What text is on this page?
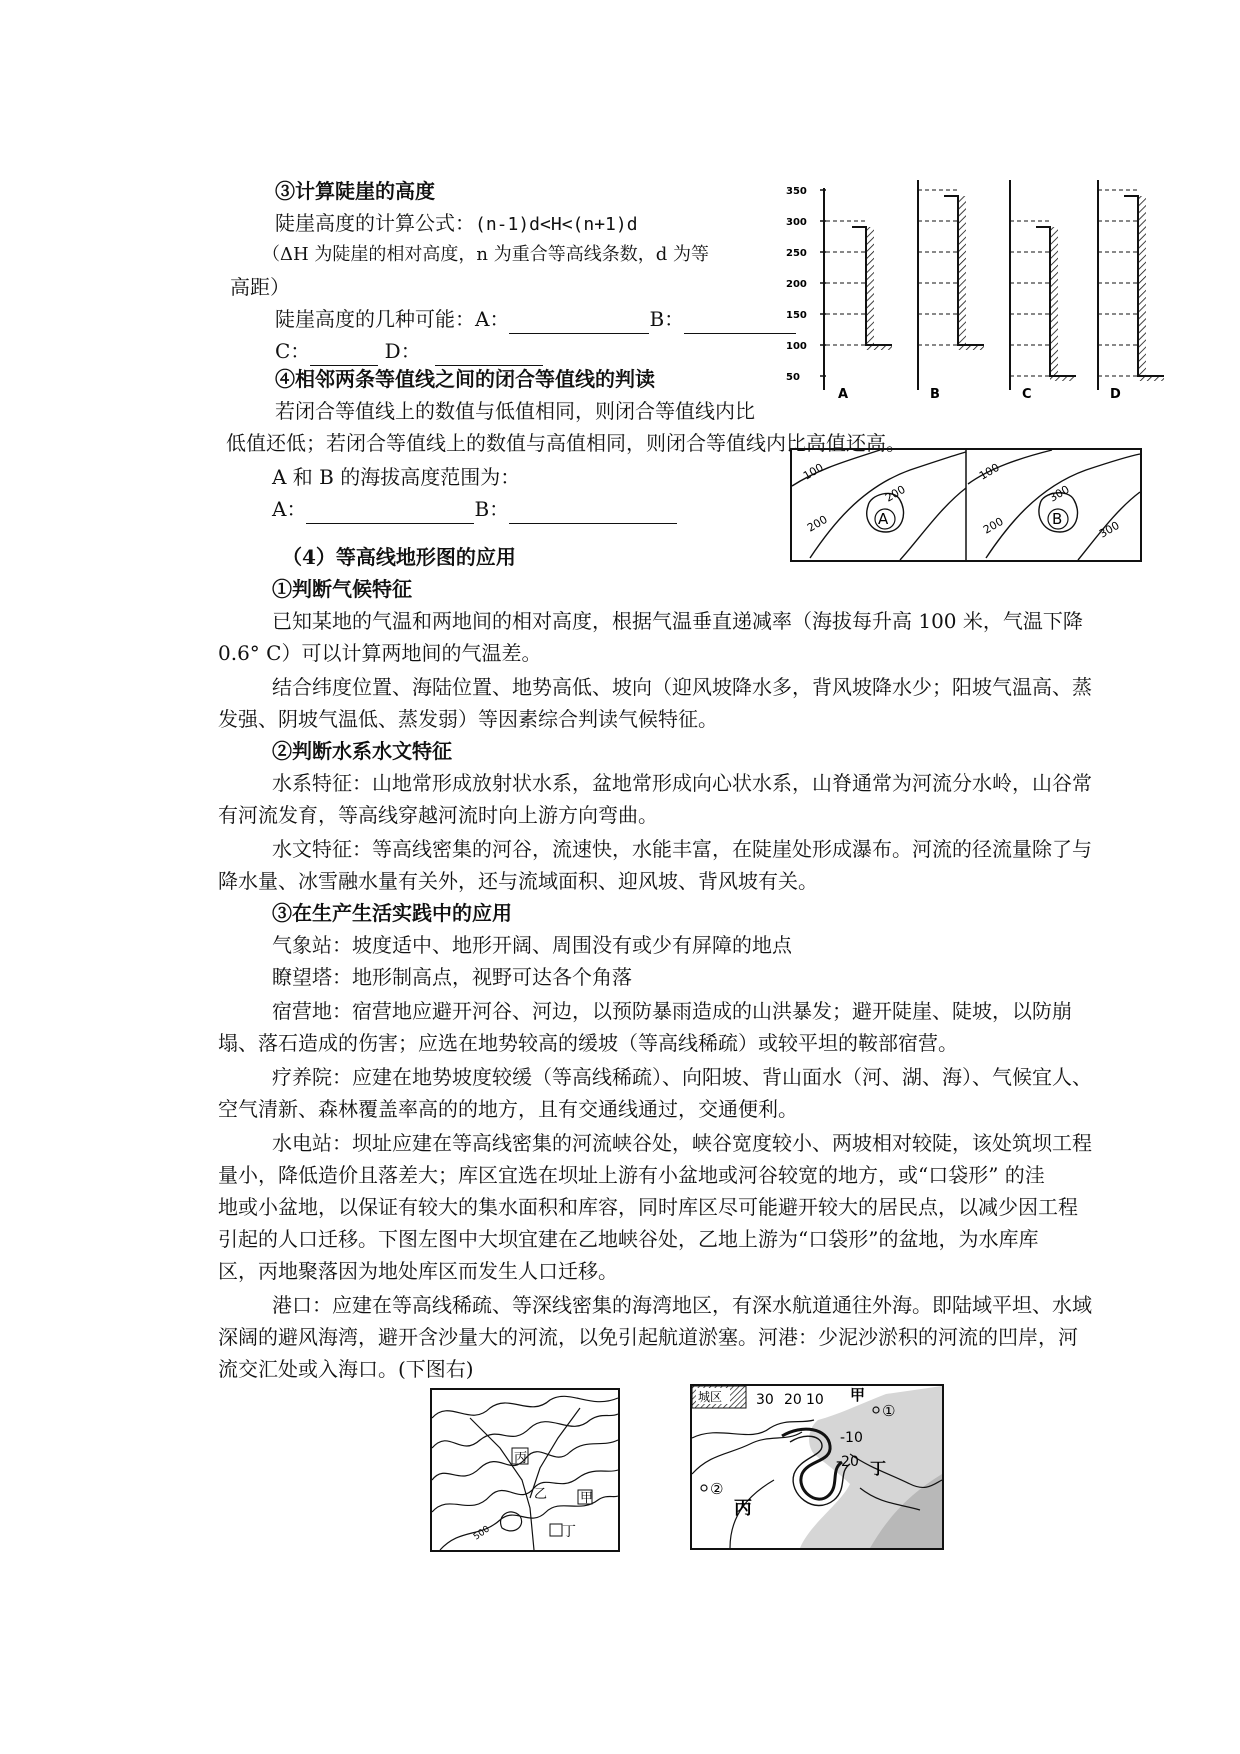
③计算陡崖的高度
陡崖高度的计算公式：(n-1)d<H<(n+1)d
（ΔH 为陡崖的相对高度，n 为重合等高线条数，d 为等
高距）
陡崖高度的几种可能：A：	B：
C：	D：
④相邻两条等值线之间的闭合等值线的判读
若闭合等值线上的数值与低值相同，则闭合等值线内比
低值还低；若闭合等值线上的数值与高值相同，则闭合等值线内比高值还高。
A 和 B 的海拔高度范围为：
A：	B：
350
300
250
200
150
100
50
A	B	C	D
100
200
200	A
100
200
300
300
B
（4）等高线地形图的应用
①判断气候特征
已知某地的气温和两地间的相对高度，根据气温垂直递减率（海拔每升高 100 米，气温下降
0.6° C）可以计算两地间的气温差。
结合纬度位置、海陆位置、地势高低、坡向（迎风坡降水多，背风坡降水少；阳坡气温高、蒸
发强、阴坡气温低、蒸发弱）等因素综合判读气候特征。
②判断水系水文特征
水系特征：山地常形成放射状水系，盆地常形成向心状水系，山脊通常为河流分水岭，山谷常
有河流发育，等高线穿越河流时向上游方向弯曲。
水文特征：等高线密集的河谷，流速快，水能丰富，在陡崖处形成瀑布。河流的径流量除了与
降水量、冰雪融水量有关外，还与流域面积、迎风坡、背风坡有关。
③在生产生活实践中的应用
气象站：坡度适中、地形开阔、周围没有或少有屏障的地点
瞭望塔：地形制高点，视野可达各个角落
宿营地：宿营地应避开河谷、河边，以预防暴雨造成的山洪暴发；避开陡崖、陡坡，以防崩
塌、落石造成的伤害；应选在地势较高的缓坡（等高线稀疏）或较平坦的鞍部宿营。
疗养院：应建在地势坡度较缓（等高线稀疏）、向阳坡、背山面水（河、湖、海）、气候宜人、
空气清新、森林覆盖率高的的地方，且有交通线通过，交通便利。
水电站：坝址应建在等高线密集的河流峡谷处，峡谷宽度较小、两坡相对较陡，该处筑坝工程
量小，降低造价且落差大；库区宜选在坝址上游有小盆地或河谷较宽的地方，或“口袋形” 的洼
地或小盆地，以保证有较大的集水面积和库容，同时库区尽可能避开较大的居民点，以减少因工程
引起的人口迁移。下图左图中大坝宜建在乙地峡谷处，乙地上游为“口袋形”的盆地，为水库库
区，丙地聚落因为地处库区而发生人口迁移。
港口：应建在等高线稀疏、等深线密集的海湾地区，有深水航道通往外海。即陆域平坦、水域
深阔的避风海湾，避开含沙量大的河流，以免引起航道淤塞。河港：少泥沙淤积的河流的凹岸，河
流交汇处或入海口。(下图右)
丙
乙	甲
丁
500
城区 30 20 10 甲
①
-10
-20 丁
②
丙
